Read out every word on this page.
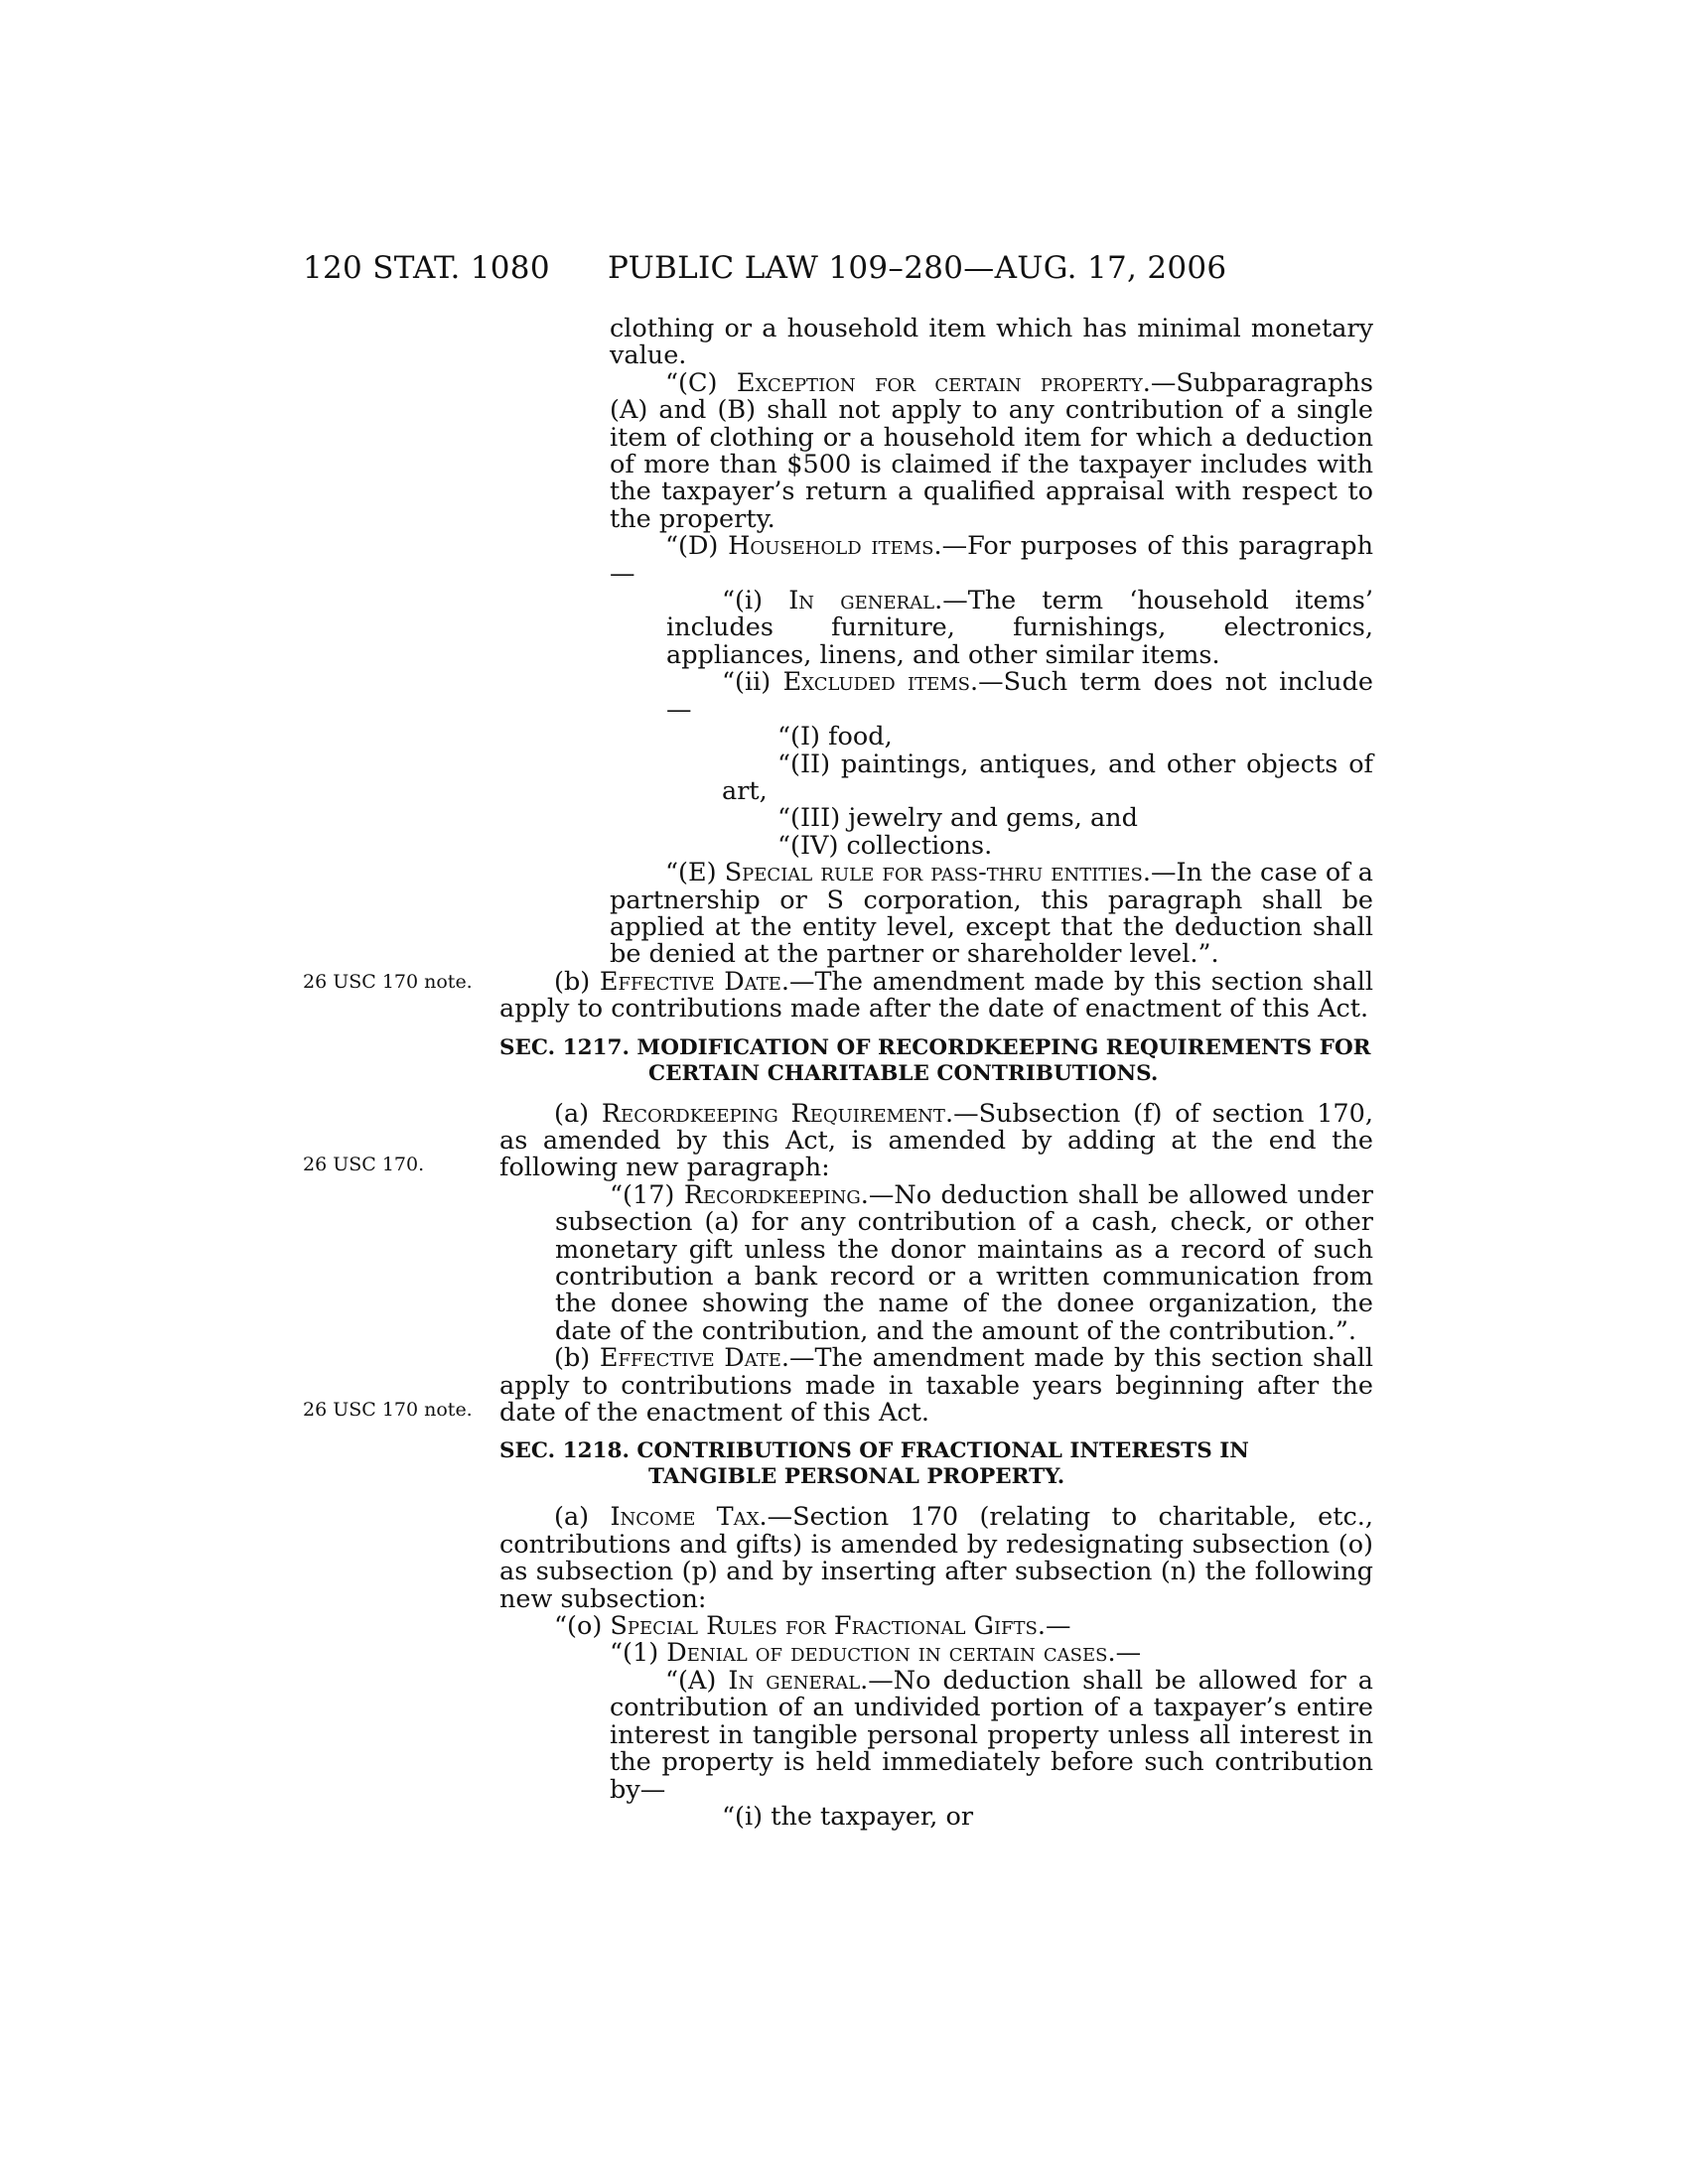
120 STAT. 1080 PUBLIC LAW 109–280—AUG. 17, 2006
26 USC 170 note.
26 USC 170.
26 USC 170 note.

clothing or a household item which has minimal monetary value.

“(C) Exception for certain property.—Subparagraphs (A) and (B) shall not apply to any contribution of a single item of clothing or a household item for which a deduction of more than $500 is claimed if the taxpayer includes with the taxpayer’s return a qualified appraisal with respect to the property.

“(D) Household items.—For purposes of this paragraph—

“(i) In general.—The term ‘household items’ includes furniture, furnishings, electronics, appliances, linens, and other similar items.

“(ii) Excluded items.—Such term does not include—

“(I) food,

“(II) paintings, antiques, and other objects of art,

“(III) jewelry and gems, and

“(IV) collections.

“(E) Special rule for pass-thru entities.—In the case of a partnership or S corporation, this paragraph shall be applied at the entity level, except that the deduction shall be denied at the partner or shareholder level.”.

(b) Effective Date.—The amendment made by this section shall apply to contributions made after the date of enactment of this Act.

SEC. 1217. MODIFICATION OF RECORDKEEPING REQUIREMENTS FOR CERTAIN CHARITABLE CONTRIBUTIONS.

(a) Recordkeeping Requirement.—Subsection (f) of section 170, as amended by this Act, is amended by adding at the end the following new paragraph:

“(17) Recordkeeping.—No deduction shall be allowed under subsection (a) for any contribution of a cash, check, or other monetary gift unless the donor maintains as a record of such contribution a bank record or a written communication from the donee showing the name of the donee organization, the date of the contribution, and the amount of the contribution.”.

(b) Effective Date.—The amendment made by this section shall apply to contributions made in taxable years beginning after the date of the enactment of this Act.

SEC. 1218. CONTRIBUTIONS OF FRACTIONAL INTERESTS IN TANGIBLE PERSONAL PROPERTY.

(a) Income Tax.—Section 170 (relating to charitable, etc., contributions and gifts) is amended by redesignating subsection (o) as subsection (p) and by inserting after subsection (n) the following new subsection:

“(o) Special Rules for Fractional Gifts.—

“(1) Denial of deduction in certain cases.—

“(A) In general.—No deduction shall be allowed for a contribution of an undivided portion of a taxpayer’s entire interest in tangible personal property unless all interest in the property is held immediately before such contribution by—

“(i) the taxpayer, or
